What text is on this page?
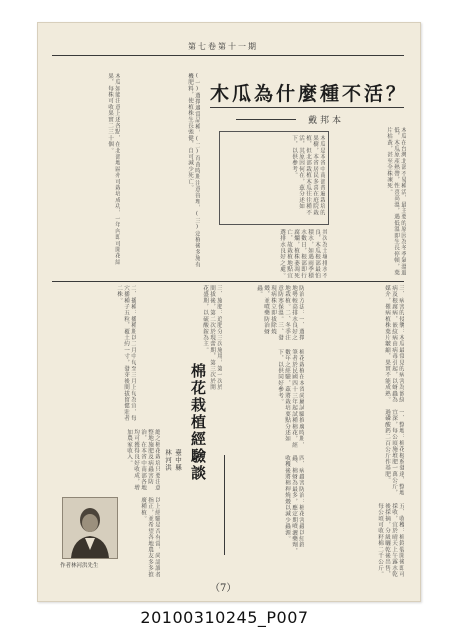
第七卷第十一期
木瓜為什麼種不活？
戴邦本
木瓜是本省中南部普遍栽培的果樹，本省居民多喜在庭院栽植，但北部栽植木瓜往往種不活，其原因何在，茲分述如下，以供參考。	木瓜在台灣北部不易種活，最主要的原因為冬季氣溫過低，木瓜原產熱帶，性喜高溫，遇低溫即生長停頓，葉片枯黃，甚至全株凍死。
其次為土壤排水不良，木瓜根部最怕積水，如遇雨季積水數日，根部即行腐爛，植株萎凋死亡，故栽植地點宜選排水良好之處。
(一)選擇適當品種，(二)育苗時期注意管理，(三)定植後多施有機肥料，使植株生長強健，自可減少死亡。
木瓜如能注意上述各點，在北部地區亦可栽培成功，一年內即可開花結果，每株可收果實二三十個。
三、病害的侵襲：木瓜最常見的病害為嵌紋病及根腐病，嵌紋病由病毒引起，以蚜蟲為媒介，罹病植株葉片皺縮，果實不能成熟。
防治方法：一、選擇地勢較高排水良好之地栽植。二、冬季注意防寒保溫。三、發現病株立即拔除燒燬，並噴藥防治蚜蟲。
棉花栽植在本省尚屬試驗推廣時期，筆者於民國四十三年起試種棉花，經數年之經驗，茲將栽培要點分述如下，以供同好參考。
一、整地：棉花根系發達，整地宜深，每公頃施堆肥一萬公斤，過磷酸鈣二百公斤作基肥。
二、播種：播種期以二月中旬至三月上旬為宜，每穴播種子五粒，覆土約一寸，發芽後間拔留健壯者二株。	三、施肥：追肥分三次施用，第一次於間拔後，第二次於現蕾期，第三次於開花盛期，以硫酸銨為主。
棉花栽植經驗談
臺中縣
林河洪	四、病蟲害防治：棉花害蟲以紅鈴蟲、棉蚜為最多，應定期噴灑藥劑，收穫後將棉稈燒燬以減少蟲源。	五、收穫：棉鈴裂開後即可採收，宜於晴天上午露水乾後採摘，分級曬乾後出售，每公頃可收籽棉二千公斤。
總之棉花栽培只要注意整地施肥及病蟲害防治，在本省中南部各地均可獲得良好收成，增加農家收入。
以上經驗是否有當，尚請讀者指正，並希望各地農友多多推廣種植。
作者林河洪先生
（7）
20100310245_P007
